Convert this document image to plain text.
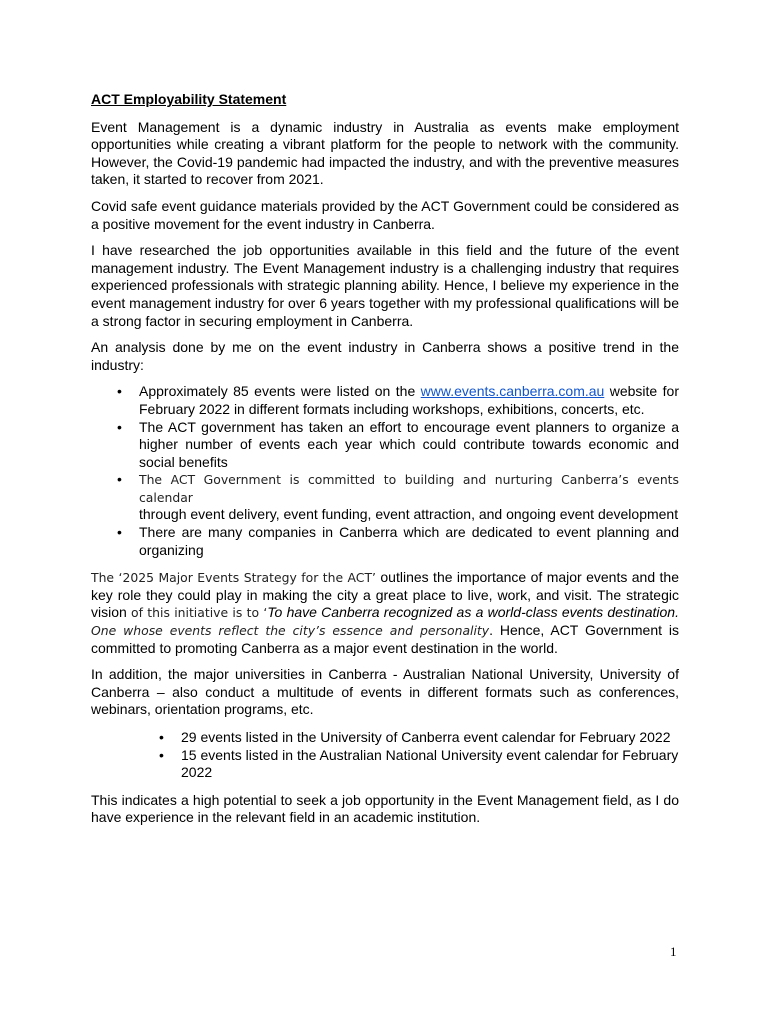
ACT Employability Statement

Event Management is a dynamic industry in Australia as events make employment opportunities while creating a vibrant platform for the people to network with the community. However, the Covid-19 pandemic had impacted the industry, and with the preventive measures taken, it started to recover from 2021.

Covid safe event guidance materials provided by the ACT Government could be considered as a positive movement for the event industry in Canberra.

I have researched the job opportunities available in this field and the future of the event management industry. The Event Management industry is a challenging industry that requires experienced professionals with strategic planning ability. Hence, I believe my experience in the event management industry for over 6 years together with my professional qualifications will be a strong factor in securing employment in Canberra.

An analysis done by me on the event industry in Canberra shows a positive trend in the industry:

• Approximately 85 events were listed on the www.events.canberra.com.au website for February 2022 in different formats including workshops, exhibitions, concerts, etc.
• The ACT government has taken an effort to encourage event planners to organize a higher number of events each year which could contribute towards economic and social benefits
• The ACT Government is committed to building and nurturing Canberra’s events calendar
through event delivery, event funding, event attraction, and ongoing event development
• There are many companies in Canberra which are dedicated to event planning and organizing

The ‘2025 Major Events Strategy for the ACT’ outlines the importance of major events and the key role they could play in making the city a great place to live, work, and visit. The strategic vision of this initiative is to ‘To have Canberra recognized as a world-class events destination. One whose events reflect the city’s essence and personality. Hence, ACT Government is committed to promoting Canberra as a major event destination in the world.

In addition, the major universities in Canberra - Australian National University, University of Canberra – also conduct a multitude of events in different formats such as conferences, webinars, orientation programs, etc.

• 29 events listed in the University of Canberra event calendar for February 2022
• 15 events listed in the Australian National University event calendar for February 2022

This indicates a high potential to seek a job opportunity in the Event Management field, as I do have experience in the relevant field in an academic institution.

1
